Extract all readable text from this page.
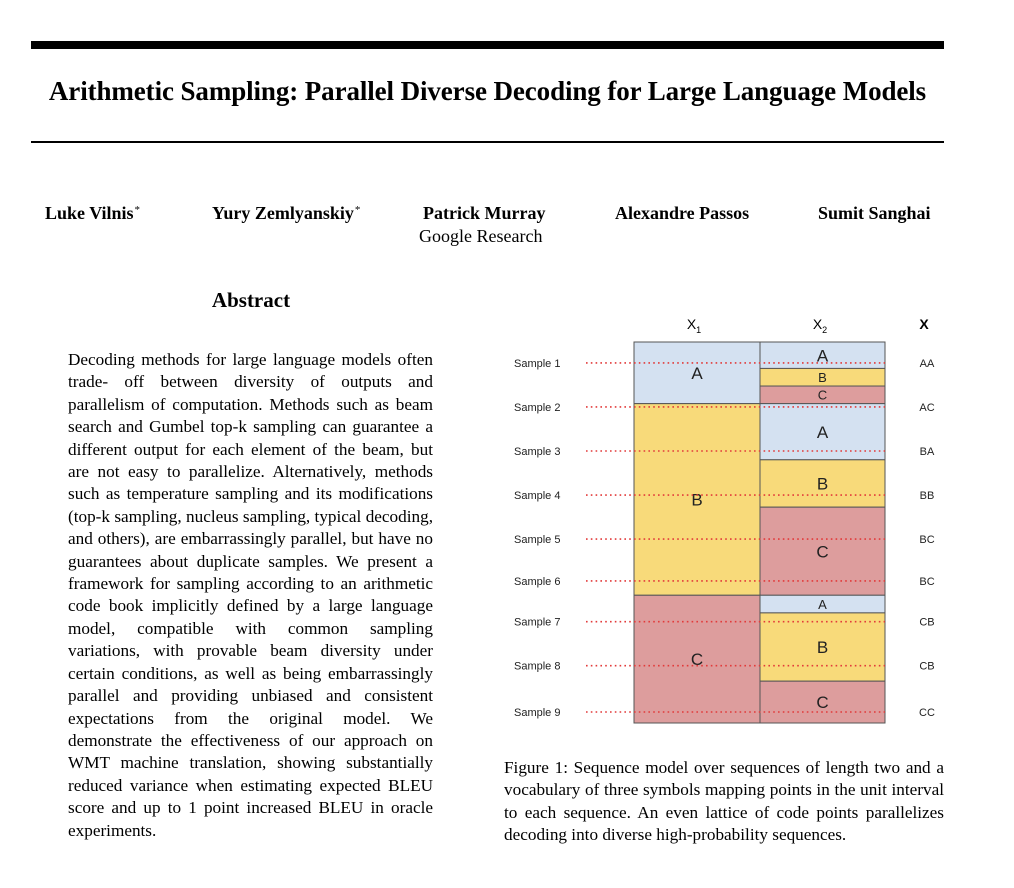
Arithmetic Sampling: Parallel Diverse Decoding for Large Language Models
Luke Vilnis*	Yury Zemlyanskiy*	Patrick Murray	Alexandre Passos	Sumit Sanghai
Google Research
Abstract
Decoding methods for large language models often trade- off between diversity of outputs and parallelism of computation. Methods such as beam search and Gumbel top-k sampling can guarantee a different output for each element of the beam, but are not easy to parallelize. Alternatively, methods such as temperature sampling and its modifications (top-k sampling, nucleus sampling, typical decoding, and others), are embarrassingly parallel, but have no guarantees about duplicate samples. We present a framework for sampling according to an arithmetic code book implicitly defined by a large language model, compatible with common sampling variations, with provable beam diversity under certain conditions, as well as being embarrassingly parallel and providing unbiased and consistent expectations from the original model. We demonstrate the effectiveness of our approach on WMT machine translation, showing substantially reduced variance when estimating expected BLEU score and up to 1 point increased BLEU in oracle experiments.
$X_1$	$X_2$	X
A
B
C
A
B
C
A
B
C
A
B
C
Sample 1	AA
Sample 2	AC
Sample 3	BA
Sample 4	BB
Sample 5	BC
Sample 6	BC
Sample 7	CB
Sample 8	CB
Sample 9	CC
Figure 1: Sequence model over sequences of length two and a vocabulary of three symbols mapping points in the unit interval to each sequence. An even lattice of code points parallelizes decoding into diverse high-probability sequences.
